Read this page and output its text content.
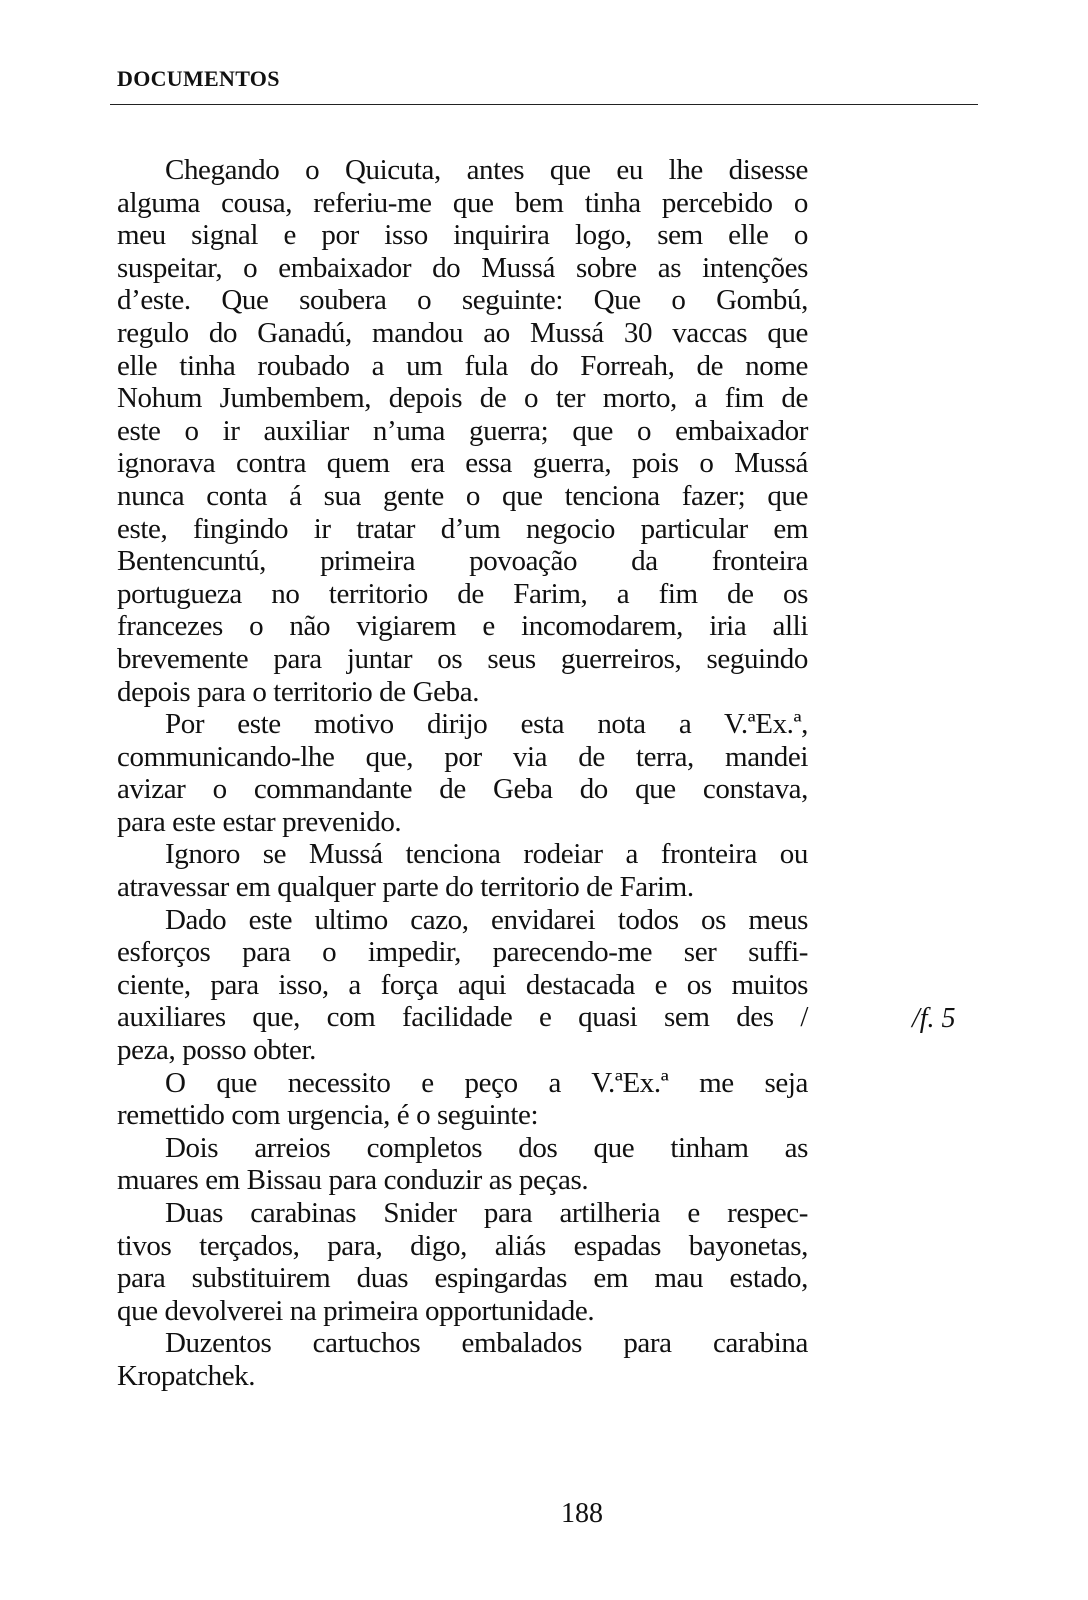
DOCUMENTOS
Chegando o Quicuta, antes que eu lhe disesse
alguma cousa, referiu-me que bem tinha percebido o
meu signal e por isso inquirira logo, sem elle o
suspeitar, o embaixador do Mussá sobre as intenções
d’este. Que soubera o seguinte: Que o Gombú,
regulo do Ganadú, mandou ao Mussá 30 vaccas que
elle tinha roubado a um fula do Forreah, de nome
Nohum Jumbembem, depois de o ter morto, a fim de
este o ir auxiliar n’uma guerra; que o embaixador
ignorava contra quem era essa guerra, pois o Mussá
nunca conta á sua gente o que tenciona fazer; que
este, fingindo ir tratar d’um negocio particular em
Bentencuntú, primeira povoação da fronteira
portugueza no territorio de Farim, a fim de os
francezes o não vigiarem e incomodarem, iria alli
brevemente para juntar os seus guerreiros, seguindo
depois para o territorio de Geba.
Por este motivo dirijo esta nota a V.ªEx.ª,
communicando-lhe que, por via de terra, mandei
avizar o commandante de Geba do que constava,
para este estar prevenido.
Ignoro se Mussá tenciona rodeiar a fronteira ou
atravessar em qualquer parte do territorio de Farim.
Dado este ultimo cazo, envidarei todos os meus
esforços para o impedir, parecendo-me ser suffi-
ciente, para isso, a força aqui destacada e os muitos
auxiliares que, com facilidade e quasi sem des /
peza, posso obter.
O que necessito e peço a V.ªEx.ª me seja
remettido com urgencia, é o seguinte:
Dois arreios completos dos que tinham as
muares em Bissau para conduzir as peças.
Duas carabinas Snider para artilheria e respec-
tivos terçados, para, digo, aliás espadas bayonetas,
para substituirem duas espingardas em mau estado,
que devolverei na primeira opportunidade.
Duzentos cartuchos embalados para carabina
Kropatchek.
/f. 5
188
